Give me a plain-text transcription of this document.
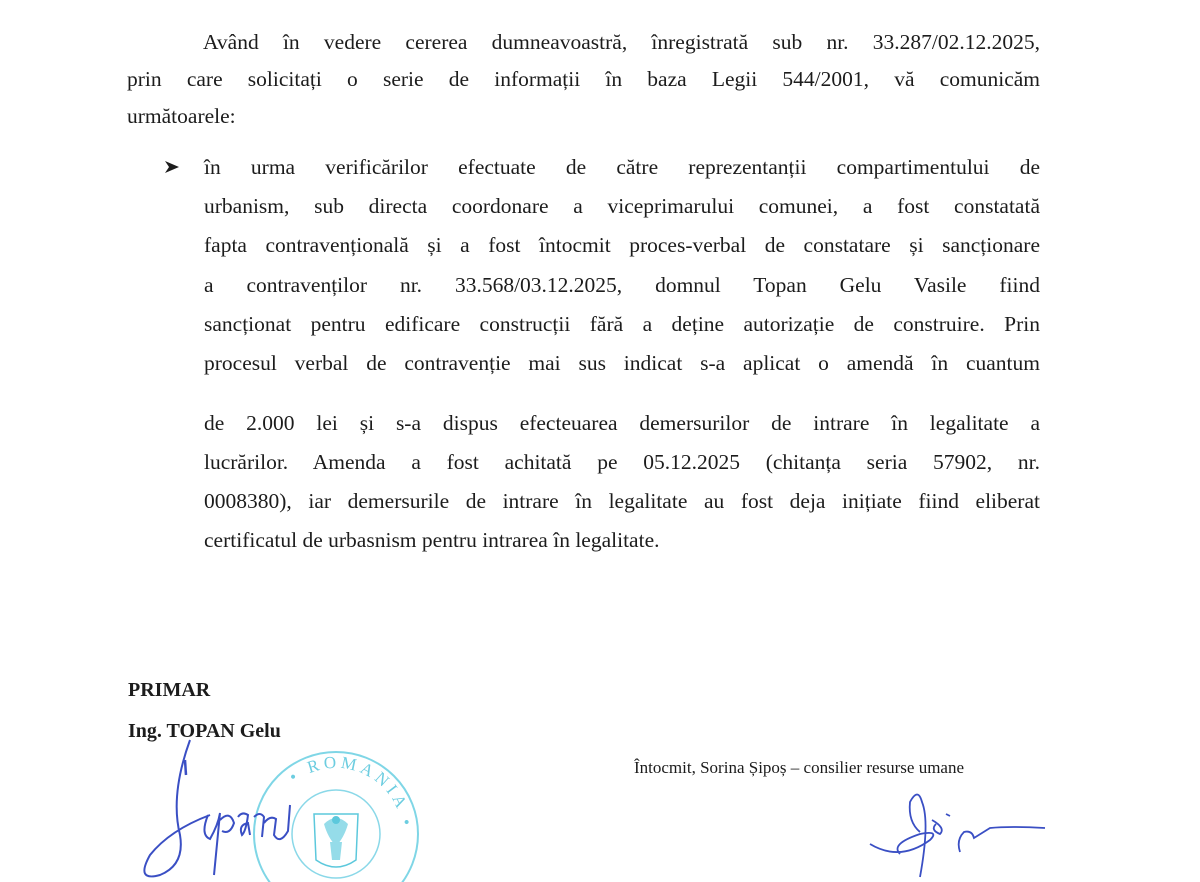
Având în vedere cererea dumneavoastră, înregistrată sub nr. 33.287/02.12.2025,
prin care solicitați o serie de informații în baza Legii 544/2001, vă comunicăm
următoarele:
în urma verificărilor efectuate de către reprezentanții compartimentului de
urbanism, sub directa coordonare a viceprimarului comunei, a fost constatată
fapta contravențională și a fost întocmit proces-verbal de constatare și sancționare
a contravenților nr. 33.568/03.12.2025, domnul Topan Gelu Vasile fiind
sancționat pentru edificare construcții fără a deține autorizație de construire. Prin
procesul verbal de contravenție mai sus indicat s-a aplicat o amendă în cuantum
de 2.000 lei și s-a dispus efecteuarea demersurilor de intrare în legalitate a
lucrărilor. Amenda a fost achitată pe 05.12.2025 (chitanța seria 57902, nr.
0008380), iar demersurile de intrare în legalitate au fost deja inițiate fiind eliberat
certificatul de urbasnism pentru intrarea în legalitate.
PRIMAR
Ing. TOPAN Gelu
• ROMANIA •
Întocmit, Sorina Șipoș – consilier resurse umane
